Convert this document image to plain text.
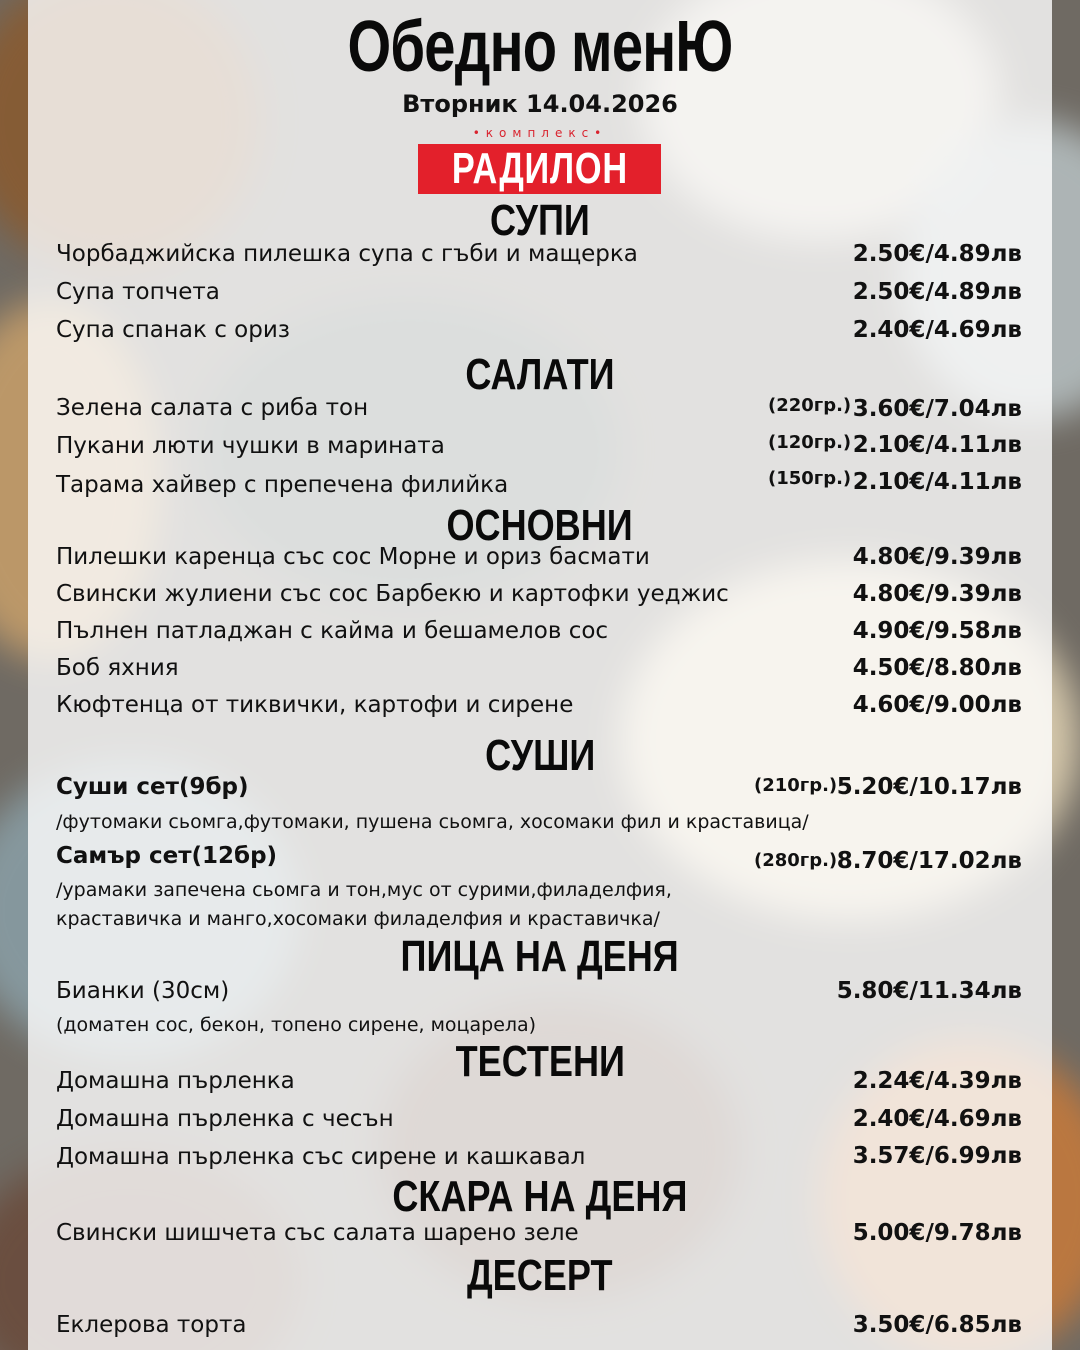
Обедно менЮ
Вторник 14.04.2026
•комплекс•
РАДИЛОН
СУПИ
Чорбаджийска пилешка супа с гъби и мащерка	2.50€/4.89лв
Супа топчета	2.50€/4.89лв
Супа спанак с ориз	2.40€/4.69лв
САЛАТИ
Зелена салата с риба тон	(220гр.) 3.60€/7.04лв
Пукани люти чушки в марината	(120гр.) 2.10€/4.11лв
Тарама хайвер с препечена филийка	(150гр.) 2.10€/4.11лв
ОСНОВНИ
Пилешки каренца със сос Морне и ориз басмати	4.80€/9.39лв
Свински жулиени със сос Барбекю и картофки уеджис	4.80€/9.39лв
Пълнен патладжан с кайма и бешамелов сос	4.90€/9.58лв
Боб яхния	4.50€/8.80лв
Кюфтенца от тиквички, картофи и сирене	4.60€/9.00лв
СУШИ
Суши сет(9бр)	(210гр.) 5.20€/10.17лв
/футомаки сьомга,футомаки, пушена сьомга, хосомаки фил и краставица/
Самър сет(12бр)	(280гр.) 8.70€/17.02лв
/урамаки запечена сьомга и тон,мус от сурими,филаделфия,
краставичка и манго,хосомаки филаделфия и краставичка/
ПИЦА НА ДЕНЯ
Бианки (30см)	5.80€/11.34лв
(доматен сос, бекон, топено сирене, моцарела)
ТЕСТЕНИ
Домашна пърленка	2.24€/4.39лв
Домашна пърленка с чесън	2.40€/4.69лв
Домашна пърленка със сирене и кашкавал	3.57€/6.99лв
СКАРА НА ДЕНЯ
Свински шишчета със салата шарено зеле	5.00€/9.78лв
ДЕСЕРТ
Еклерова торта	3.50€/6.85лв
